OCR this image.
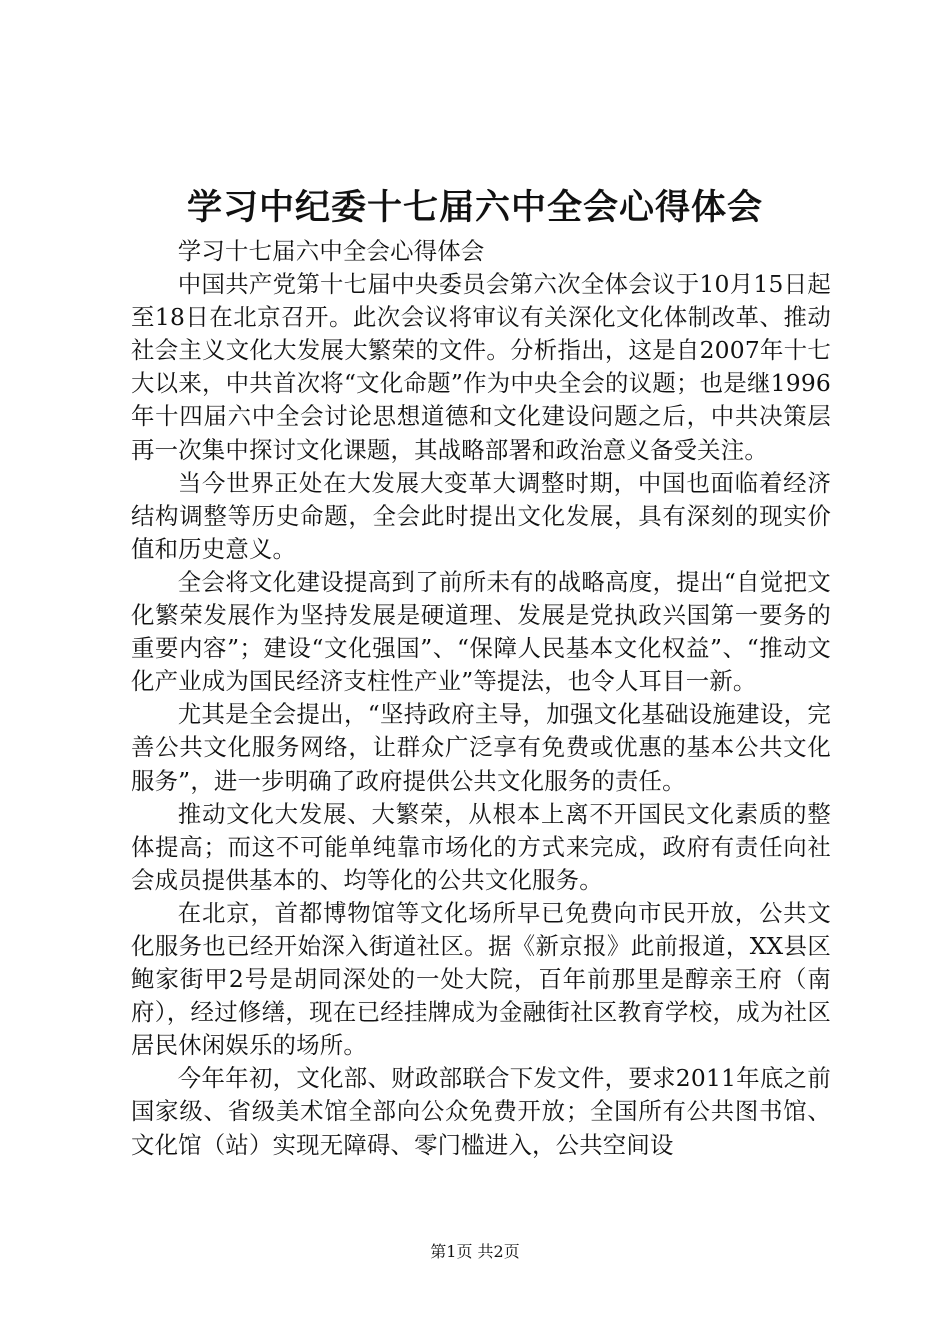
学习中纪委十七届六中全会心得体会

学习十七届六中全会心得体会

中国共产党第十七届中央委员会第六次全体会议于10月15日起至18日在北京召开。此次会议将审议有关深化文化体制改革、推动社会主义文化大发展大繁荣的文件。分析指出，这是自2007年十七大以来，中共首次将“文化命题”作为中央全会的议题；也是继1996年十四届六中全会讨论思想道德和文化建设问题之后，中共决策层再一次集中探讨文化课题，其战略部署和政治意义备受关注。

当今世界正处在大发展大变革大调整时期，中国也面临着经济结构调整等历史命题，全会此时提出文化发展，具有深刻的现实价值和历史意义。

全会将文化建设提高到了前所未有的战略高度，提出“自觉把文化繁荣发展作为坚持发展是硬道理、发展是党执政兴国第一要务的重要内容”；建设“文化强国”、“保障人民基本文化权益”、“推动文化产业成为国民经济支柱性产业”等提法，也令人耳目一新。

尤其是全会提出，“坚持政府主导，加强文化基础设施建设，完善公共文化服务网络，让群众广泛享有免费或优惠的基本公共文化服务”，进一步明确了政府提供公共文化服务的责任。

推动文化大发展、大繁荣，从根本上离不开国民文化素质的整体提高；而这不可能单纯靠市场化的方式来完成，政府有责任向社会成员提供基本的、均等化的公共文化服务。

在北京，首都博物馆等文化场所早已免费向市民开放，公共文化服务也已经开始深入街道社区。据《新京报》此前报道，XX县区鲍家街甲2号是胡同深处的一处大院，百年前那里是醇亲王府（南府），经过修缮，现在已经挂牌成为金融街社区教育学校，成为社区居民休闲娱乐的场所。

今年年初，文化部、财政部联合下发文件，要求2011年底之前国家级、省级美术馆全部向公众免费开放；全国所有公共图书馆、文化馆（站）实现无障碍、零门槛进入，公共空间设

第1页 共2页
